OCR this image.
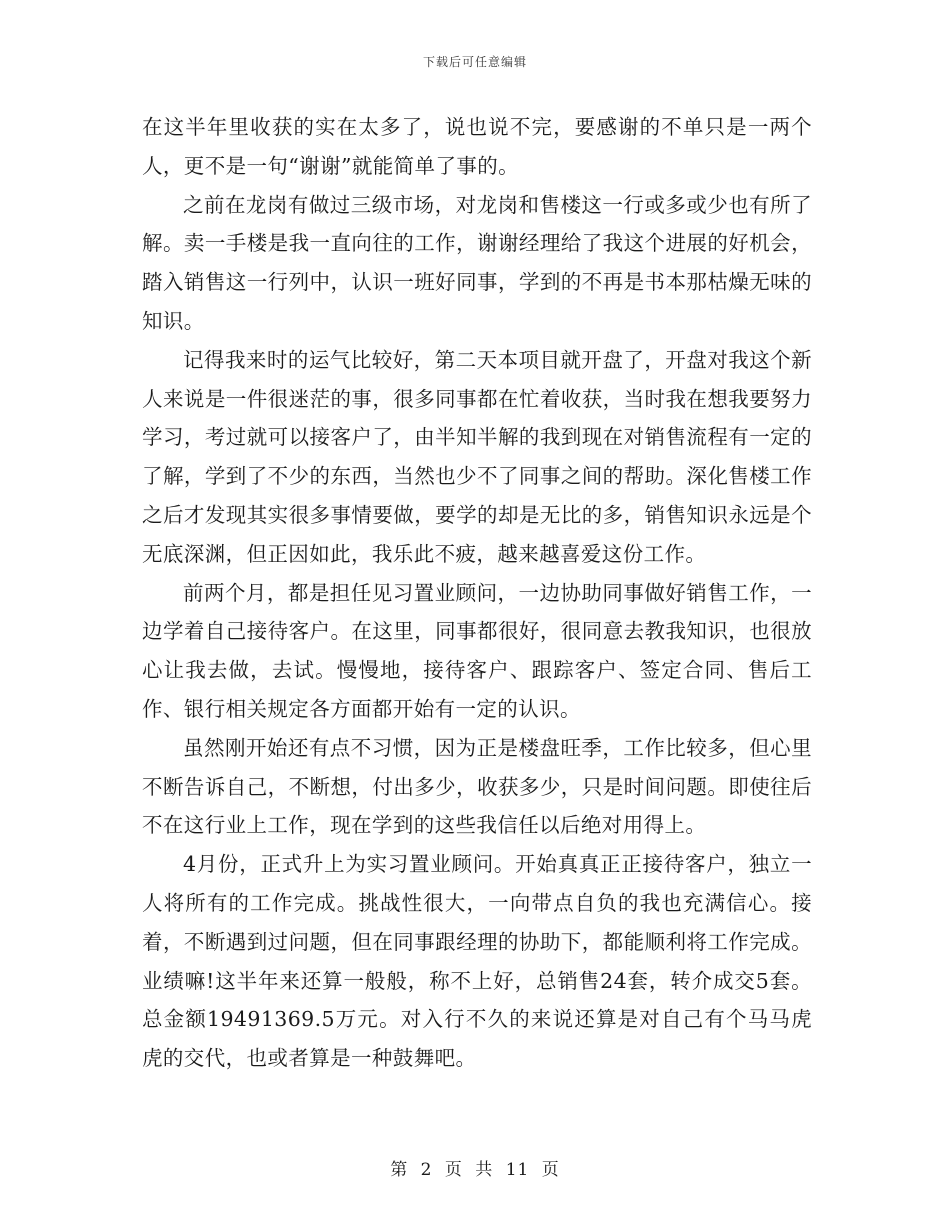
下载后可任意编辑

在这半年里收获的实在太多了，说也说不完，要感谢的不单只是一两个人，更不是一句“谢谢”就能简单了事的。

之前在龙岗有做过三级市场，对龙岗和售楼这一行或多或少也有所了解。卖一手楼是我一直向往的工作，谢谢经理给了我这个进展的好机会，踏入销售这一行列中，认识一班好同事，学到的不再是书本那枯燥无味的知识。

记得我来时的运气比较好，第二天本项目就开盘了，开盘对我这个新人来说是一件很迷茫的事，很多同事都在忙着收获，当时我在想我要努力学习，考过就可以接客户了，由半知半解的我到现在对销售流程有一定的了解，学到了不少的东西，当然也少不了同事之间的帮助。深化售楼工作之后才发现其实很多事情要做，要学的却是无比的多，销售知识永远是个无底深渊，但正因如此，我乐此不疲，越来越喜爱这份工作。

前两个月，都是担任见习置业顾问，一边协助同事做好销售工作，一边学着自己接待客户。在这里，同事都很好，很同意去教我知识，也很放心让我去做，去试。慢慢地，接待客户、跟踪客户、签定合同、售后工作、银行相关规定各方面都开始有一定的认识。

虽然刚开始还有点不习惯，因为正是楼盘旺季，工作比较多，但心里不断告诉自己，不断想，付出多少，收获多少，只是时间问题。即使往后不在这行业上工作，现在学到的这些我信任以后绝对用得上。

4月份，正式升上为实习置业顾问。开始真真正正接待客户，独立一人将所有的工作完成。挑战性很大，一向带点自负的我也充满信心。接着，不断遇到过问题，但在同事跟经理的协助下，都能顺利将工作完成。业绩嘛!这半年来还算一般般，称不上好，总销售24套，转介成交5套。总金额19491369.5万元。对入行不久的来说还算是对自己有个马马虎虎的交代，也或者算是一种鼓舞吧。

第 2 页 共 11 页
